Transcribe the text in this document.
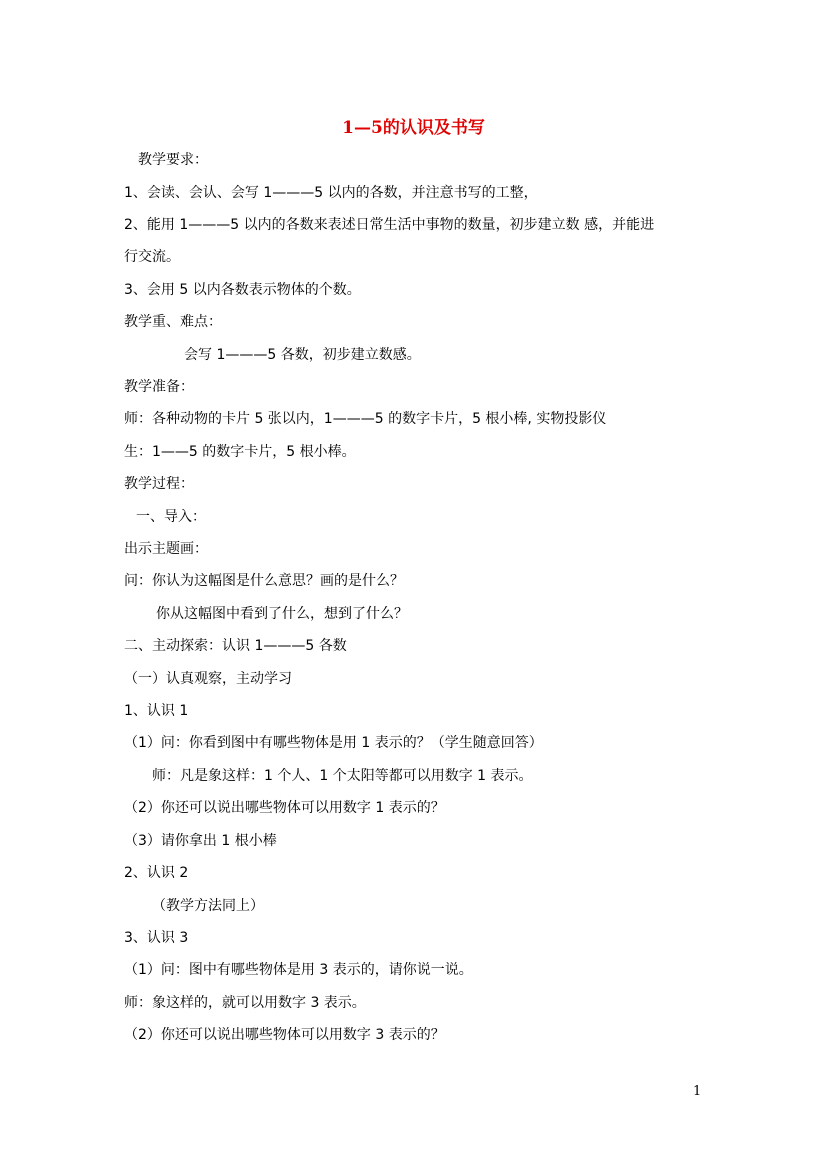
1—5的认识及书写
教学要求：
1、会读、会认、会写 1———5 以内的各数，并注意书写的工整，
2、能用 1———5 以内的各数来表述日常生活中事物的数量，初步建立数 感，并能进
行交流。
3、会用 5 以内各数表示物体的个数。
教学重、难点：
会写 1———5 各数，初步建立数感。
教学准备：
师：各种动物的卡片 5 张以内，1———5 的数字卡片，5 根小棒, 实物投影仪
生：1——5 的数字卡片，5 根小棒。
教学过程：
一、导入：
出示主题画：
问：你认为这幅图是什么意思？画的是什么？
你从这幅图中看到了什么，想到了什么？
二、主动探索：认识 1———5 各数
（一）认真观察，主动学习
1、认识 1
（1）问：你看到图中有哪些物体是用 1 表示的？（学生随意回答）
师：凡是象这样：1 个人、1 个太阳等都可以用数字 1 表示。
（2）你还可以说出哪些物体可以用数字 1 表示的？
（3）请你拿出 1 根小棒
2、认识 2
（教学方法同上）
3、认识 3
（1）问：图中有哪些物体是用 3 表示的，请你说一说。
师：象这样的，就可以用数字 3 表示。
（2）你还可以说出哪些物体可以用数字 3 表示的？
1
